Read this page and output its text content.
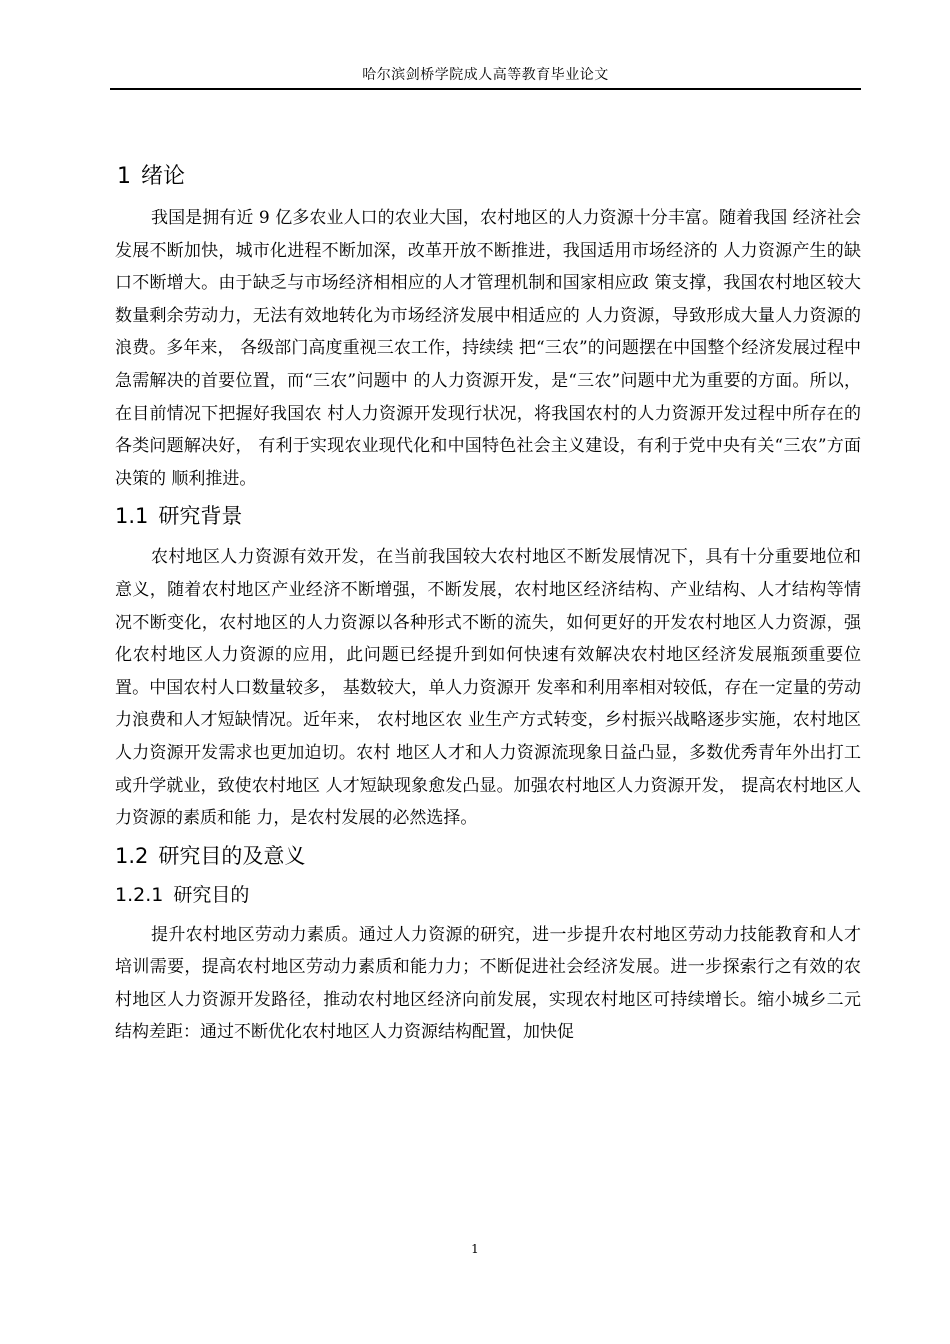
哈尔滨剑桥学院成人高等教育毕业论文
1 绪论

我国是拥有近 9 亿多农业人口的农业大国，农村地区的人力资源十分丰富。随着我国 经济社会发展不断加快，城市化进程不断加深，改革开放不断推进，我国适用市场经济的 人力资源产生的缺口不断增大。由于缺乏与市场经济相相应的人才管理机制和国家相应政 策支撑，我国农村地区较大数量剩余劳动力，无法有效地转化为市场经济发展中相适应的 人力资源，导致形成大量人力资源的浪费。多年来， 各级部门高度重视三农工作，持续续 把“三农”的问题摆在中国整个经济发展过程中急需解决的首要位置，而“三农”问题中 的人力资源开发，是“三农”问题中尤为重要的方面。所以，在目前情况下把握好我国农 村人力资源开发现行状况，将我国农村的人力资源开发过程中所存在的各类问题解决好， 有利于实现农业现代化和中国特色社会主义建设，有利于党中央有关“三农”方面决策的 顺利推进。

1.1 研究背景

农村地区人力资源有效开发，在当前我国较大农村地区不断发展情况下，具有十分重要地位和意义，随着农村地区产业经济不断增强，不断发展，农村地区经济结构、产业结构、人才结构等情况不断变化，农村地区的人力资源以各种形式不断的流失，如何更好的开发农村地区人力资源，强化农村地区人力资源的应用，此问题已经提升到如何快速有效解决农村地区经济发展瓶颈重要位置。中国农村人口数量较多， 基数较大，单人力资源开 发率和利用率相对较低，存在一定量的劳动力浪费和人才短缺情况。近年来， 农村地区农 业生产方式转变，乡村振兴战略逐步实施，农村地区人力资源开发需求也更加迫切。农村 地区人才和人力资源流现象日益凸显，多数优秀青年外出打工或升学就业，致使农村地区 人才短缺现象愈发凸显。加强农村地区人力资源开发， 提高农村地区人力资源的素质和能 力，是农村发展的必然选择。

1.2 研究目的及意义
1.2.1 研究目的

提升农村地区劳动力素质。通过人力资源的研究，进一步提升农村地区劳动力技能教育和人才培训需要，提高农村地区劳动力素质和能力力；不断促进社会经济发展。进一步探索行之有效的农村地区人力资源开发路径，推动农村地区经济向前发展，实现农村地区可持续增长。缩小城乡二元结构差距：通过不断优化农村地区人力资源结构配置，加快促

1
